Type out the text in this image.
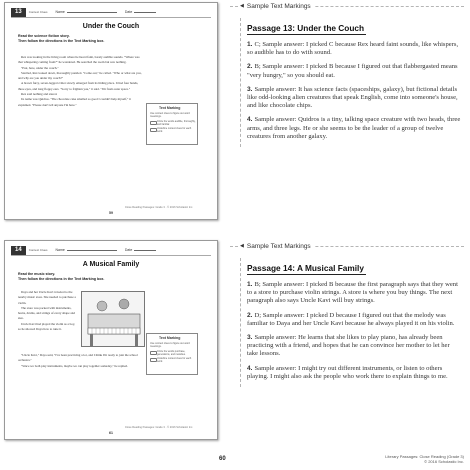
13	Context Clues Name	Date
Under the Couch
Read the science fiction story.
Then follow the directions in the Text Marking box.

Rex was looking in the living room where he heard faint, barely audible sounds. "Where was that whispering coming from?" he wondered. He searched the room but saw nothing.

"Psst, here, under the couch."

Startled, Rex looked down, thoroughly puzzled. "Come out," he called. "Who or what are you, and why are you under my couch?"

A brown furry, seven-legged critter slowly emerged from its hiding place. It had four hands, three eyes, and long floppy ears. "Sorry to frighten you," it said. "I'm from outer space."

Rex said nothing and stared.

Its name was Quidros. "The chocolate cake smelled so good I couldn't help myself," it explained. "Please don't tell anyone I'm here."

Text Marking
Use context clues to figure out word meanings.
Circle the words audible, thoroughly, and familiar.
Underline context clues for each word.
Close Reading Passages: Grade 3 · © 2016 Scholastic Inc.
59
14	Context Clues Name	Date
A Musical Family
Read the music story.
Then follow the directions in the Text Marking box.

Daya and her Uncle Kavi traveled to the nearby music store. She needed to purchase a violin.

The store was packed with instruments, horns, drums, and strings of every shape and size.

Uncle Kavi had played the violin as a boy, so he showed Daya how to tune it.

Text Marking
Use context clues to figure out word meanings.
Circle the words purchase, generations, and melodies.
Underline context clues for each word.

"Uncle Kavi," Daya said, "I've been practicing a lot, and I think I'm ready to join the school orchestra."

"Since we both play instruments, maybe we can play together someday," he replied.

Close Reading Passages: Grade 3 · © 2016 Scholastic Inc.
61
◀ Sample Text Markings
Passage 13: Under the Couch
1. C; Sample answer: I picked C because Rex heard faint sounds, like whispers, so audible has to do with sound.
2. B; Sample answer: I picked B because I figured out that flabbergasted means "very hungry," so you should eat.
3. Sample answer: It has science facts (spaceships, galaxy), but fictional details like odd-looking alien creatures that speak English, come into someone's house, and like chocolate chips.
4. Sample answer: Quidros is a tiny, talking space creature with two heads, three arms, and three legs. He or she seems to be the leader of a group of twelve creatures from another galaxy.
◀ Sample Text Markings
Passage 14: A Musical Family
1. B; Sample answer: I picked B because the first paragraph says that they went to a store to purchase violin strings. A store is where you buy things. The next paragraph also says Uncle Kavi will buy strings.
2. D; Sample answer: I picked D because I figured out that the melody was familiar to Daya and her Uncle Kavi because he always played it on his violin.
3. Sample answer: He learns that she likes to play piano, has already been practicing with a friend, and hopes that he can convince her mother to let her take lessons.
4. Sample answer: I might try out different instruments, or listen to others playing. I might also ask the people who work there to explain things to me.
60	Literary Passages: Close Reading (Grade 3)
© 2016 Scholastic Inc.
